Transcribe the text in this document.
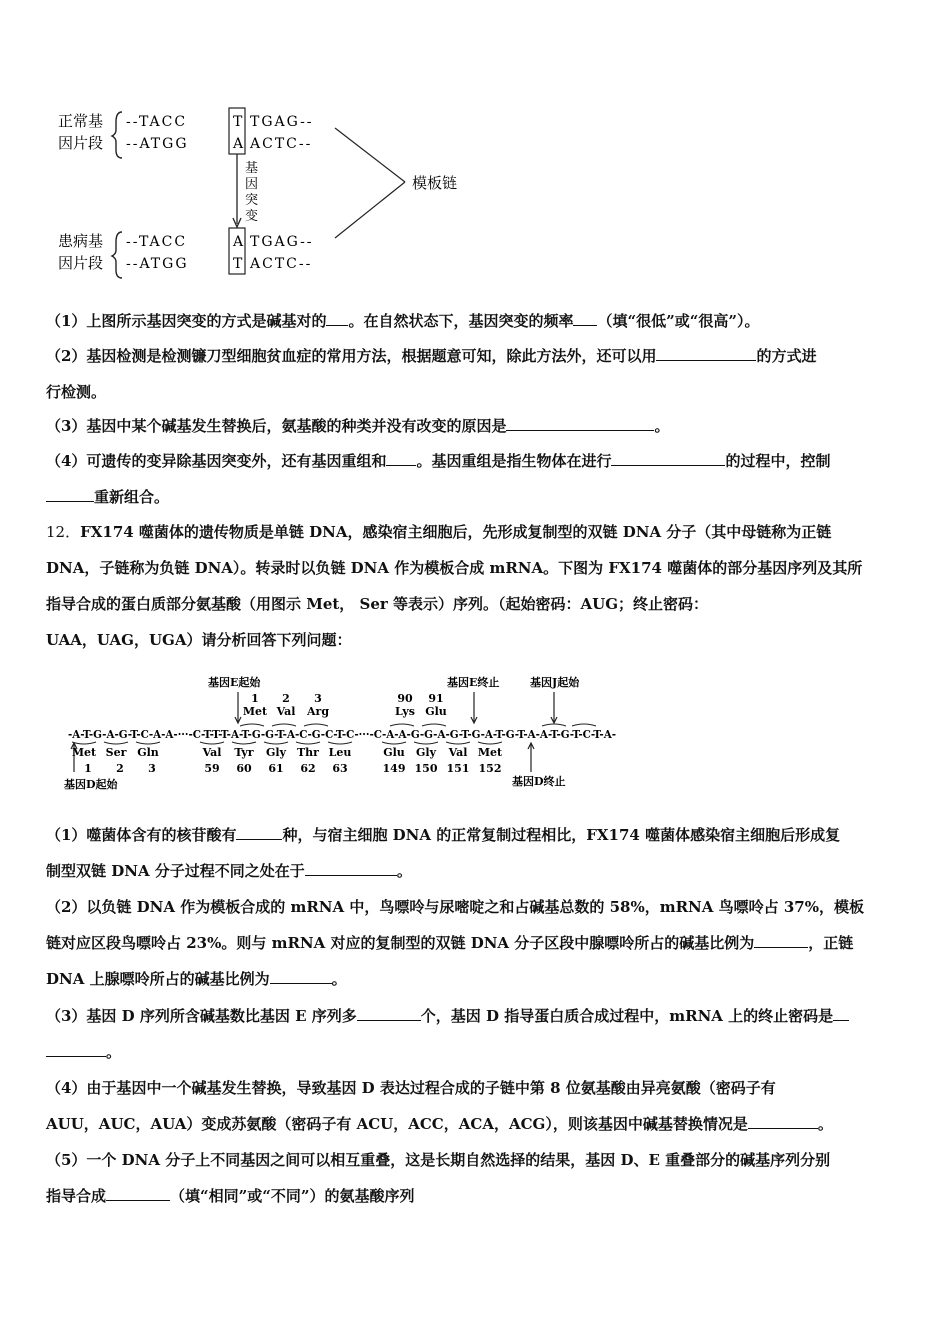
正常基
因片段
患病基
因片段
--TACC	T TGAG--
--ATGG	A ACTC--
--TACC	A TGAG--
--ATGG	T ACTC--
基
因
突
变
模板链
（1）上图所示基因突变的方式是碱基对的 。在自然状态下，基因突变的频率 （填“很低”或“很高”）。
（2）基因检测是检测镰刀型细胞贫血症的常用方法，根据题意可知，除此方法外，还可以用	的方式进
行检测。
（3）基因中某个碱基发生替换后，氨基酸的种类并没有改变的原因是	。
（4）可遗传的变异除基因突变外，还有基因重组和 。基因重组是指生物体在进行	的过程中，控制
重新组合。
12．FX174 噬菌体的遗传物质是单链 DNA，感染宿主细胞后，先形成复制型的双链 DNA 分子（其中母链称为正链
DNA，子链称为负链 DNA）。转录时以负链 DNA 作为模板合成 mRNA。下图为 FX174 噬菌体的部分基因序列及其所
指导合成的蛋白质部分氨基酸（用图示 Met， Ser 等表示）序列。（起始密码：AUG；终止密码：
UAA，UAG，UGA）请分析回答下列问题：
基因E起始	基因E终止	基因J起始
基因D起始	基因D终止
1 2 3	90 91
Met Val Arg	Lys Glu
-A-T-G-A-G-T-C-A-A-···-C-T-T-T-A-T-G-G-T-A-C-G-C-T-C-···-C-A-A-G-G-A-G-T-G-A-T-G-T-A-A-T-G-T-C-T-A-
Met Ser Gln	Val Tyr Gly Thr Leu	Glu Gly Val Met
1 2 3	59 60 61 62 63	149 150 151 152
（1）噬菌体含有的核苷酸有	种，与宿主细胞 DNA 的正常复制过程相比，FX174 噬菌体感染宿主细胞后形成复
制型双链 DNA 分子过程不同之处在于	。
（2）以负链 DNA 作为模板合成的 mRNA 中，鸟嘌呤与尿嘧啶之和占碱基总数的 58%，mRNA 鸟嘌呤占 37%，模板
链对应区段鸟嘌呤占 23%。则与 mRNA 对应的复制型的双链 DNA 分子区段中腺嘌呤所占的碱基比例为	，正链
DNA 上腺嘌呤所占的碱基比例为	。
（3）基因 D 序列所含碱基数比基因 E 序列多	个，基因 D 指导蛋白质合成过程中，mRNA 上的终止密码是
。
（4）由于基因中一个碱基发生替换，导致基因 D 表达过程合成的子链中第 8 位氨基酸由异亮氨酸（密码子有
AUU，AUC，AUA）变成苏氨酸（密码子有 ACU，ACC，ACA，ACG），则该基因中碱基替换情况是	。
（5）一个 DNA 分子上不同基因之间可以相互重叠，这是长期自然选择的结果，基因 D、E 重叠部分的碱基序列分别
指导合成	（填“相同”或“不同”）的氨基酸序列
